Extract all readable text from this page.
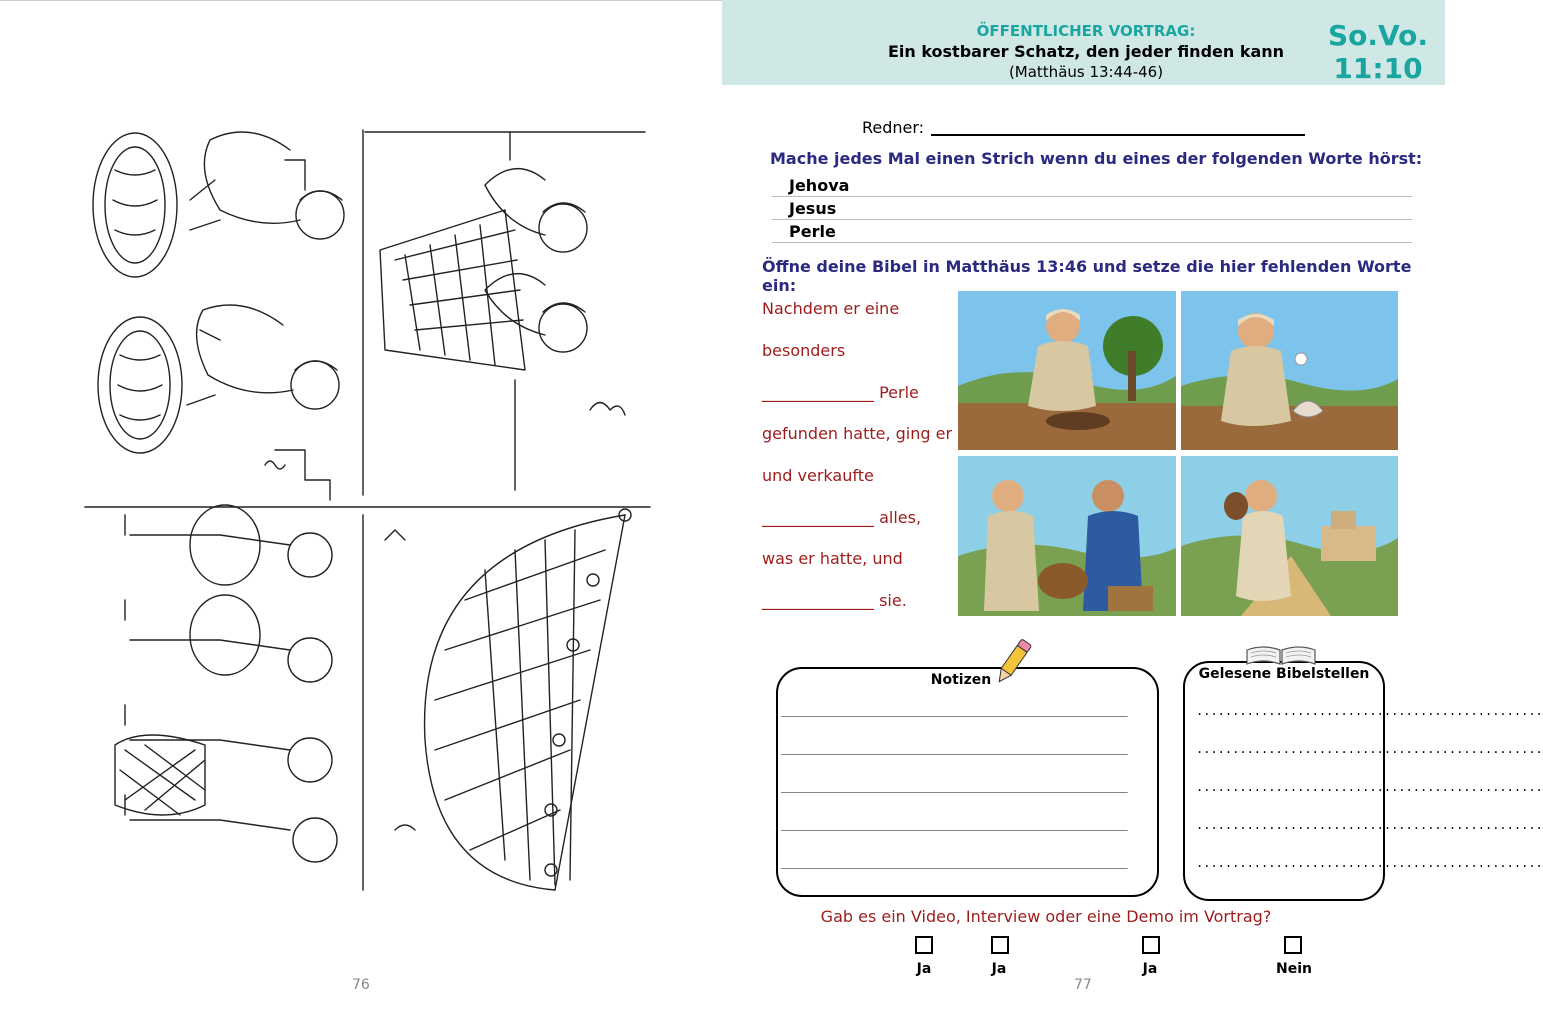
76
ÖFFENTLICHER VORTRAG:
Ein kostbarer Schatz, den jeder finden kann
(Matthäus 13:44-46)
So.Vo.
11:10
Redner:
Mache jedes Mal einen Strich wenn du eines der folgenden Worte hörst:
Jehova
Jesus
Perle
Öffne deine Bibel in Matthäus 13:46 und setze die hier fehlenden Worte ein:
Nachdem er eine
besonders
______________ Perle
gefunden hatte, ging er
und verkaufte
______________ alles,
was er hatte, und
______________ sie.
Notizen
________________________________________________
________________________________________________
________________________________________________
________________________________________________
________________________________________________
Gelesene Bibelstellen
................................................
................................................
................................................
................................................
................................................
Gab es ein Video, Interview oder eine Demo im Vortrag?
Ja	Ja	Ja	Nein
77
